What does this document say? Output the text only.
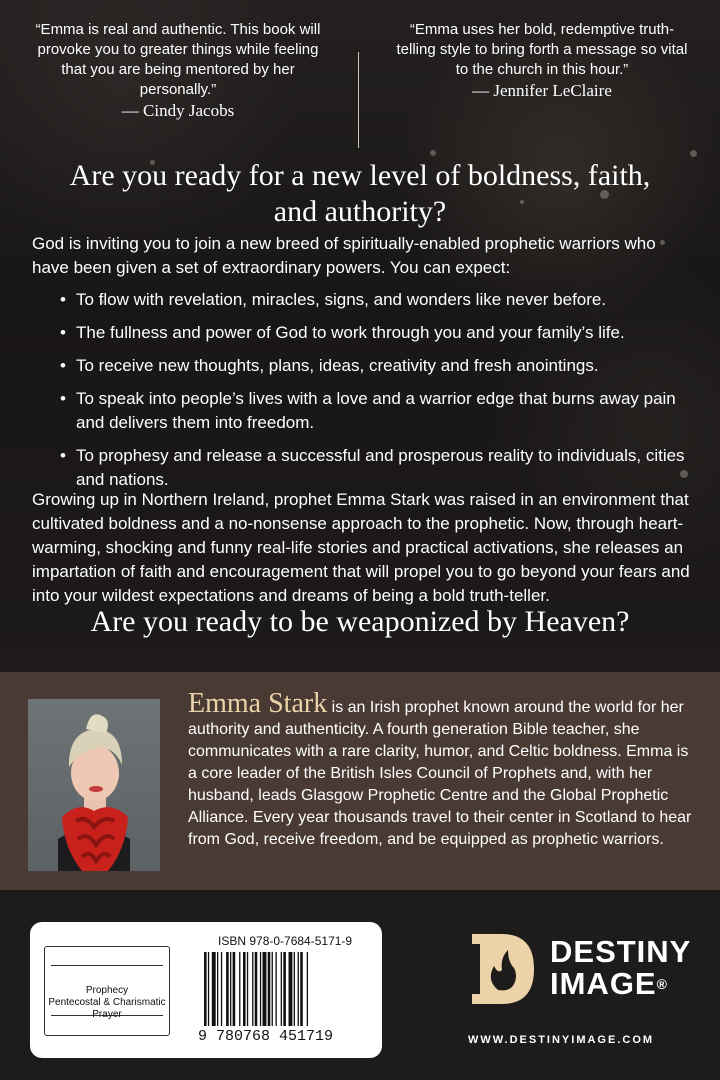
“Emma is real and authentic. This book will provoke you to greater things while feeling that you are being mentored by her personally.”
— Cindy Jacobs
“Emma uses her bold, redemptive truth-telling style to bring forth a message so vital to the church in this hour.”
— Jennifer LeClaire
Are you ready for a new level of boldness, faith, and authority?
God is inviting you to join a new breed of spiritually-enabled prophetic warriors who have been given a set of extraordinary powers. You can expect:
• To flow with revelation, miracles, signs, and wonders like never before.
• The fullness and power of God to work through you and your family’s life.
• To receive new thoughts, plans, ideas, creativity and fresh anointings.
• To speak into people’s lives with a love and a warrior edge that burns away pain and delivers them into freedom.
• To prophesy and release a successful and prosperous reality to individuals, cities and nations.
Growing up in Northern Ireland, prophet Emma Stark was raised in an environment that cultivated boldness and a no-nonsense approach to the prophetic. Now, through heart-warming, shocking and funny real-life stories and practical activations, she releases an impartation of faith and encouragement that will propel you to go beyond your fears and into your wildest expectations and dreams of being a bold truth-teller.
Are you ready to be weaponized by Heaven?
Emma Stark is an Irish prophet known around the world for her authority and authenticity. A fourth generation Bible teacher, she communicates with a rare clarity, humor, and Celtic boldness. Emma is a core leader of the British Isles Council of Prophets and, with her husband, leads Glasgow Prophetic Centre and the Global Prophetic Alliance. Every year thousands travel to their center in Scotland to hear from God, receive freedom, and be equipped as prophetic warriors.
Prophecy
Pentecostal & Charismatic
Prayer
ISBN 978-0-7684-5171-9
9 780768 451719
DESTINY
IMAGE®
WWW.DESTINYIMAGE.COM
